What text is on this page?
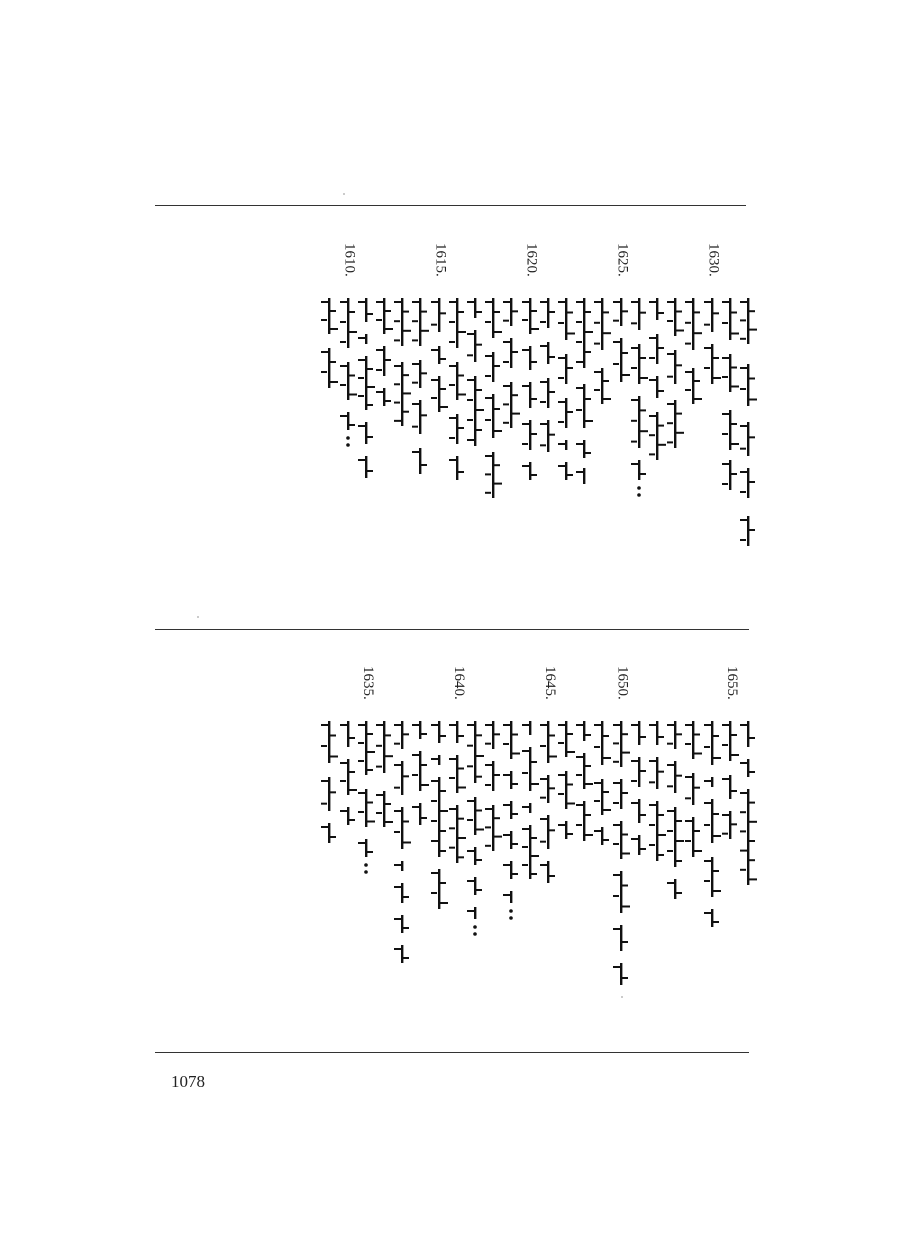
1630.
1625.
1620.
1615.
1610.
1655.
1650.
1645.
1640.
1635.
1078
